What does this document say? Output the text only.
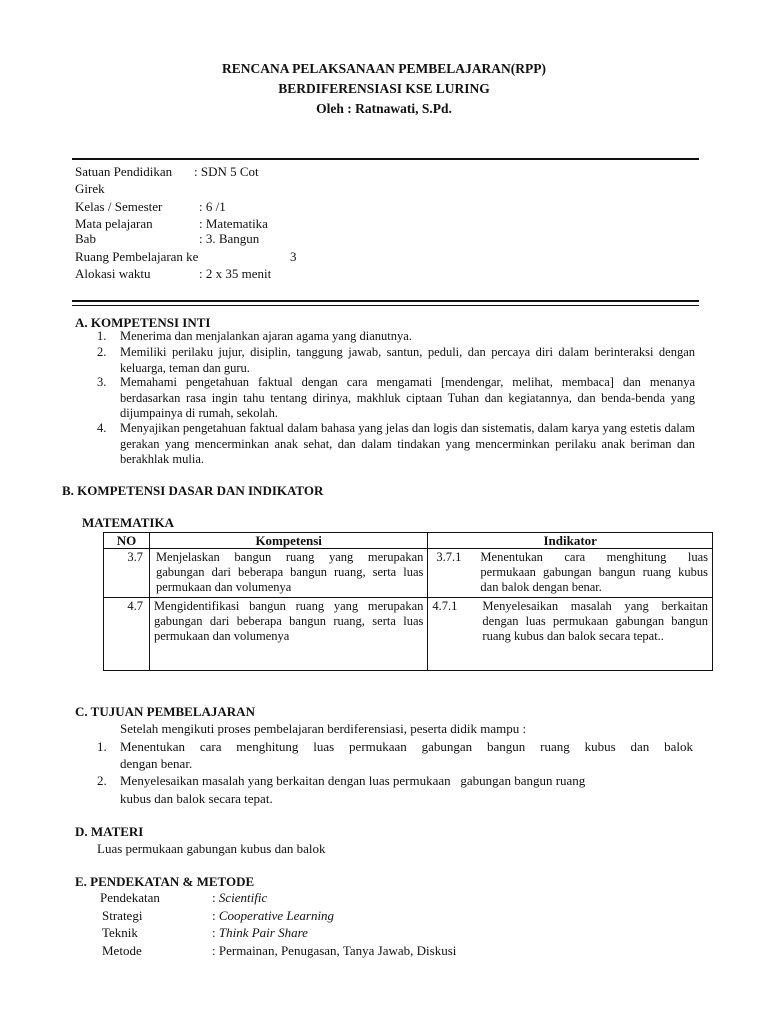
RENCANA PELAKSANAAN PEMBELAJARAN(RPP)
BERDIFERENSIASI KSE LURING
Oleh : Ratnawati, S.Pd.
Satuan Pendidikan : SDN 5 Cot
Girek
Kelas / Semester	: 6 /1
Mata pelajaran	: Matematika
Bab	: 3. Bangun
Ruang Pembelajaran ke	3
Alokasi waktu	: 2 x 35 menit
A. KOMPETENSI INTI
1. Menerima dan menjalankan ajaran agama yang dianutnya.
2. Memiliki perilaku jujur, disiplin, tanggung jawab, santun, peduli, dan percaya diri dalam berinteraksi dengan keluarga, teman dan guru.
3. Memahami pengetahuan faktual dengan cara mengamati [mendengar, melihat, membaca] dan menanya berdasarkan rasa ingin tahu tentang dirinya, makhluk ciptaan Tuhan dan kegiatannya, dan benda-benda yang dijumpainya di rumah, sekolah.
4. Menyajikan pengetahuan faktual dalam bahasa yang jelas dan logis dan sistematis, dalam karya yang estetis dalam gerakan yang mencerminkan anak sehat, dan dalam tindakan yang mencerminkan perilaku anak beriman dan berakhlak mulia.
B. KOMPETENSI DASAR DAN INDIKATOR
MATEMATIKA
NO	Kompetensi	Indikator
3.7	Menjelaskan bangun ruang yang merupakan gabungan dari beberapa bangun ruang, serta luas permukaan dan volumenya	3.7.1 Menentukan cara menghitung luas permukaan gabungan bangun ruang kubus dan balok dengan benar.

4.7	Mengidentifikasi bangun ruang yang merupakan gabungan dari beberapa bangun ruang, serta luas permukaan dan volumenya	4.7.1 Menyelesaikan masalah yang berkaitan dengan luas permukaan gabungan bangun ruang kubus dan balok secara tepat..
C. TUJUAN PEMBELAJARAN
Setelah mengikuti proses pembelajaran berdiferensiasi, peserta didik mampu :
1. Menentukan cara menghitung luas permukaan gabungan bangun ruang kubus dan balok
dengan benar.
2. Menyelesaikan masalah yang berkaitan dengan luas permukaan   gabungan bangun ruang
kubus dan balok secara tepat.
D. MATERI
Luas permukaan gabungan kubus dan balok
E. PENDEKATAN & METODE
Pendekatan	: Scientific
Strategi	: Cooperative Learning
Teknik	: Think Pair Share
Metode	: Permainan, Penugasan, Tanya Jawab, Diskusi
